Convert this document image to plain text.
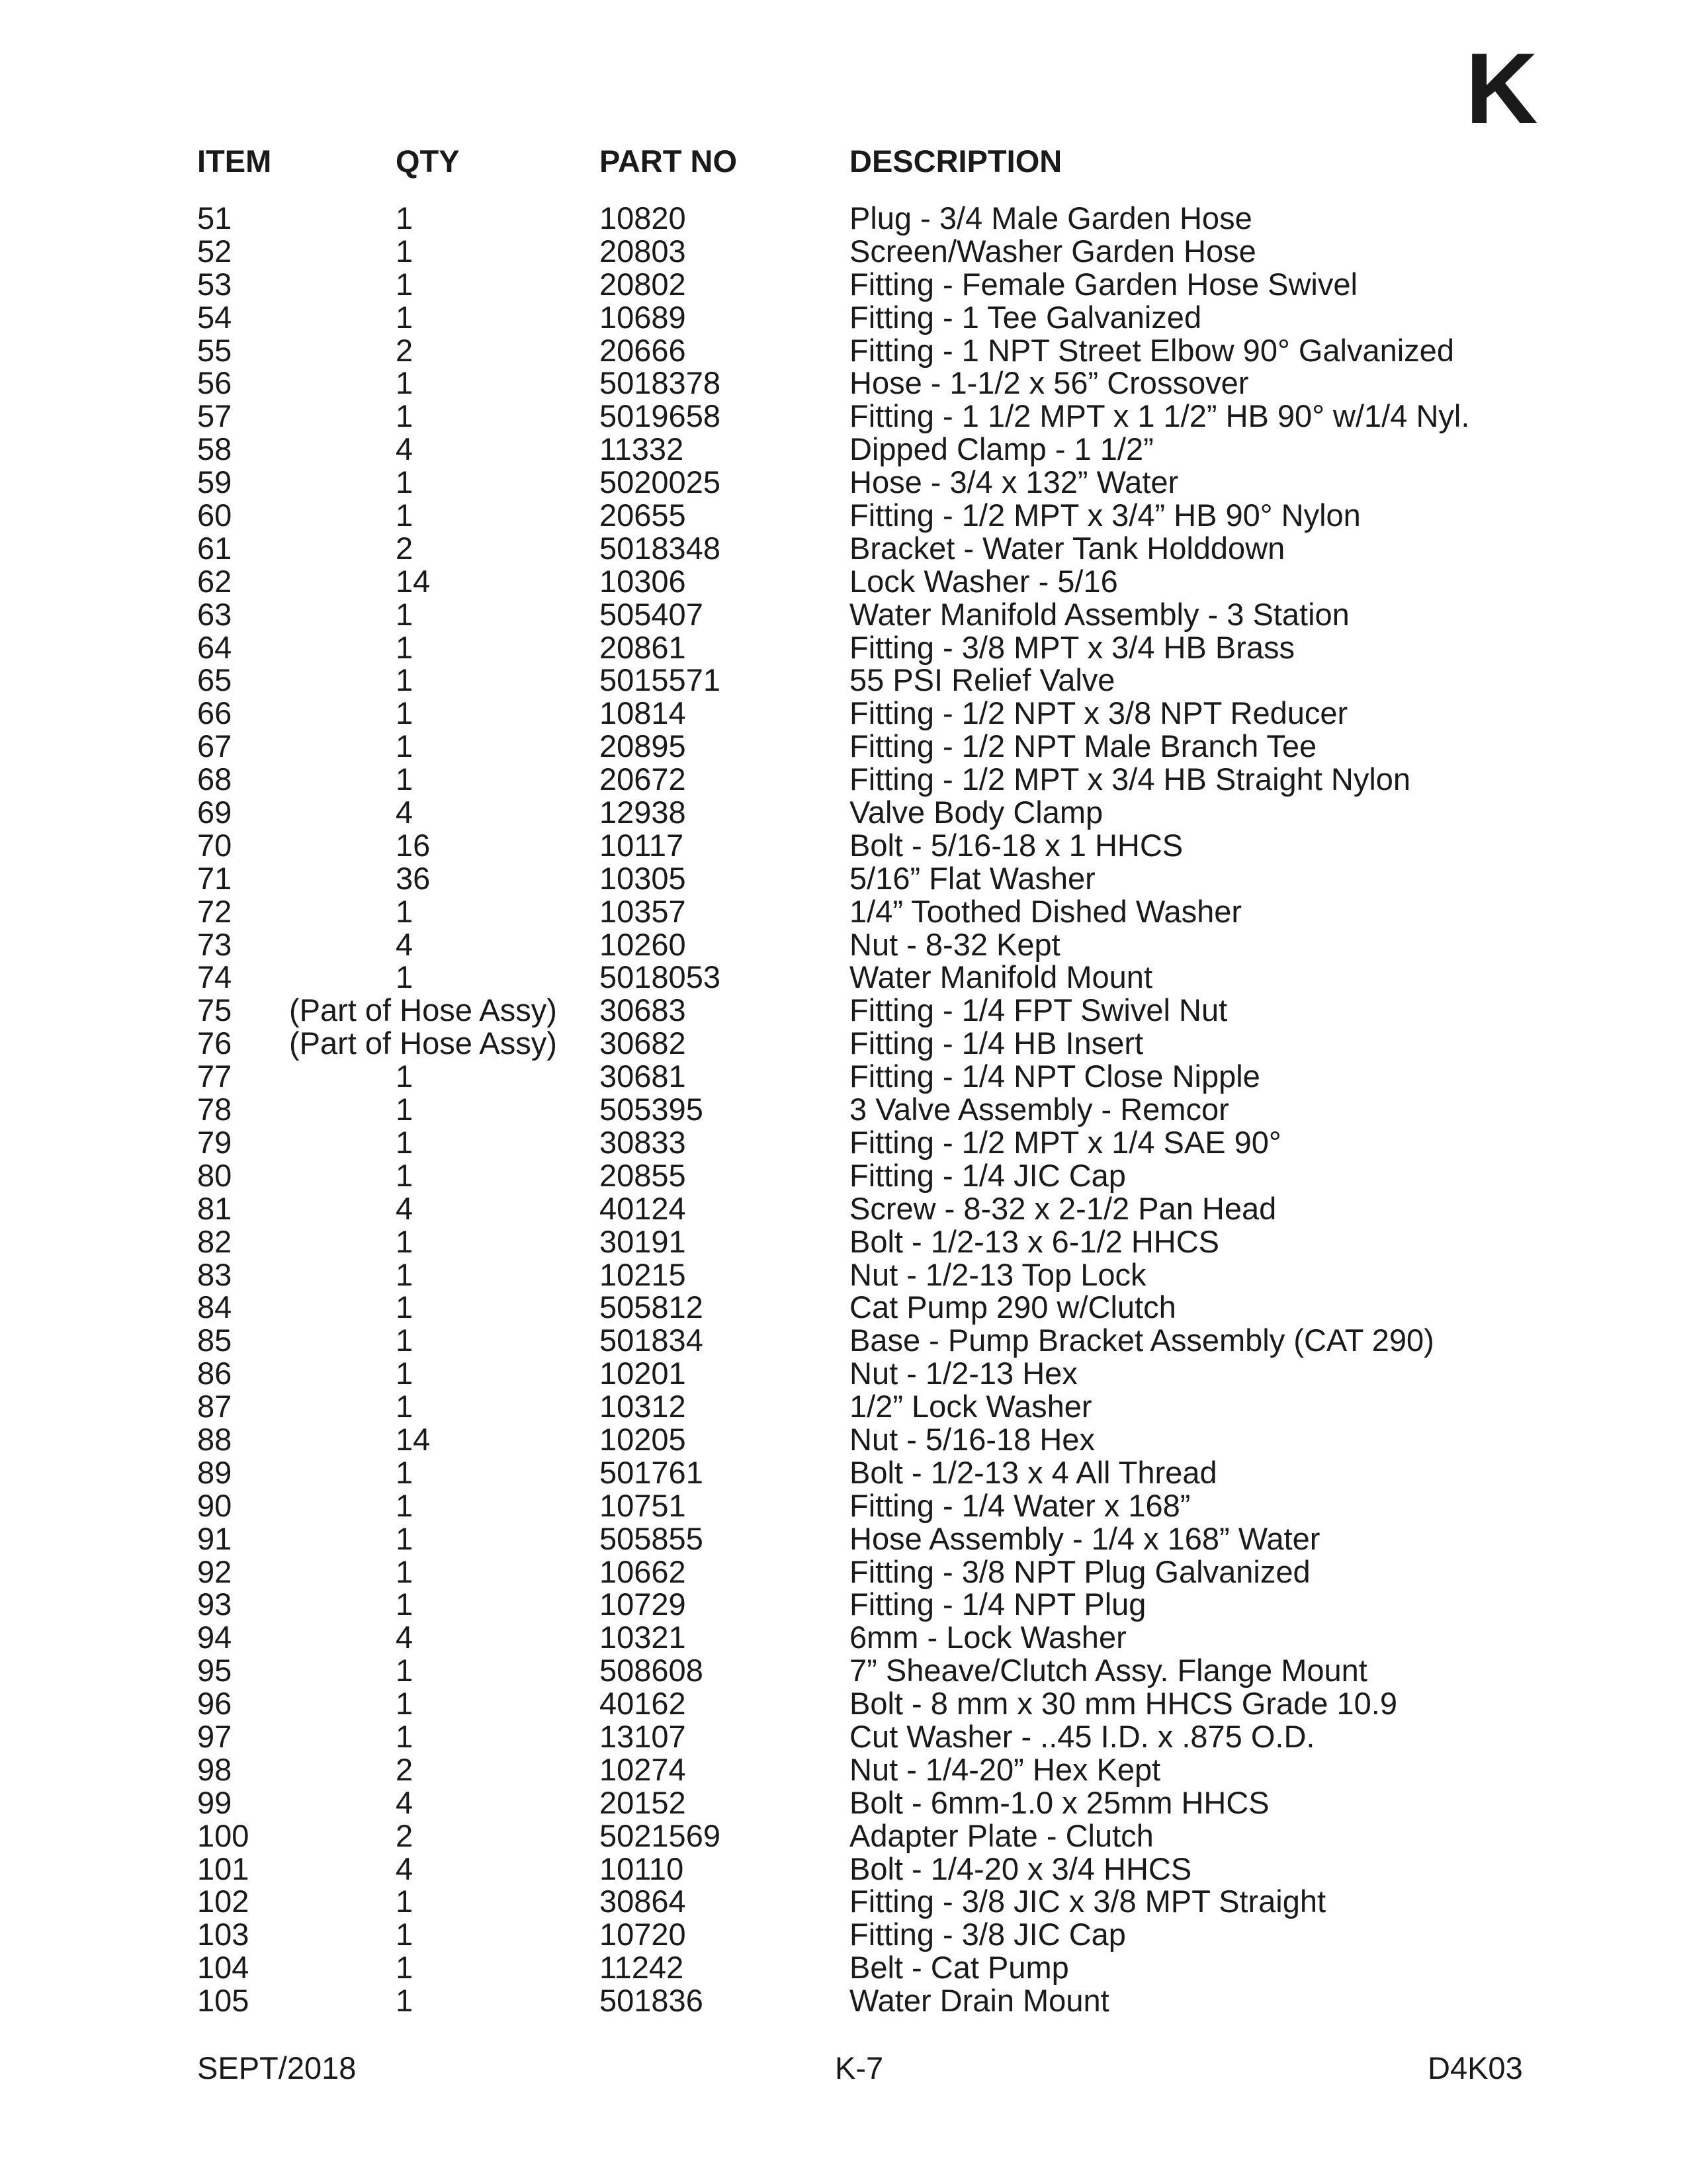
K
ITEM	QTY	PART NO	DESCRIPTION
51	1	10820	Plug - 3/4 Male Garden Hose
52	1	20803	Screen/Washer Garden Hose
53	1	20802	Fitting - Female Garden Hose Swivel
54	1	10689	Fitting - 1 Tee Galvanized
55	2	20666	Fitting - 1 NPT Street Elbow 90° Galvanized
56	1	5018378	Hose - 1-1/2 x 56” Crossover
57	1	5019658	Fitting - 1 1/2 MPT x 1 1/2” HB 90° w/1/4 Nyl.
58	4	11332	Dipped Clamp - 1 1/2”
59	1	5020025	Hose - 3/4 x 132” Water
60	1	20655	Fitting - 1/2 MPT x 3/4” HB 90° Nylon
61	2	5018348	Bracket - Water Tank Holddown
62	14	10306	Lock Washer - 5/16
63	1	505407	Water Manifold Assembly - 3 Station
64	1	20861	Fitting - 3/8 MPT x 3/4 HB Brass
65	1	5015571	55 PSI Relief Valve
66	1	10814	Fitting - 1/2 NPT x 3/8 NPT Reducer
67	1	20895	Fitting - 1/2 NPT Male Branch Tee
68	1	20672	Fitting - 1/2 MPT x 3/4 HB Straight Nylon
69	4	12938	Valve Body Clamp
70	16	10117	Bolt - 5/16-18 x 1 HHCS
71	36	10305	5/16” Flat Washer
72	1	10357	1/4” Toothed Dished Washer
73	4	10260	Nut - 8-32 Kept
74	1	5018053	Water Manifold Mount
75 (Part of Hose Assy) 30683	Fitting - 1/4 FPT Swivel Nut
76 (Part of Hose Assy) 30682	Fitting - 1/4 HB Insert
77	1	30681	Fitting - 1/4 NPT Close Nipple
78	1	505395	3 Valve Assembly - Remcor
79	1	30833	Fitting - 1/2 MPT x 1/4 SAE 90°
80	1	20855	Fitting - 1/4 JIC Cap
81	4	40124	Screw - 8-32 x 2-1/2 Pan Head
82	1	30191	Bolt - 1/2-13 x 6-1/2 HHCS
83	1	10215	Nut - 1/2-13 Top Lock
84	1	505812	Cat Pump 290 w/Clutch
85	1	501834	Base - Pump Bracket Assembly (CAT 290)
86	1	10201	Nut - 1/2-13 Hex
87	1	10312	1/2” Lock Washer
88	14	10205	Nut - 5/16-18 Hex
89	1	501761	Bolt - 1/2-13 x 4 All Thread
90	1	10751	Fitting - 1/4 Water x 168”
91	1	505855	Hose Assembly - 1/4 x 168” Water
92	1	10662	Fitting - 3/8 NPT Plug Galvanized
93	1	10729	Fitting - 1/4 NPT Plug
94	4	10321	6mm - Lock Washer
95	1	508608	7” Sheave/Clutch Assy. Flange Mount
96	1	40162	Bolt - 8 mm x 30 mm HHCS Grade 10.9
97	1	13107	Cut Washer - ..45 I.D. x .875 O.D.
98	2	10274	Nut - 1/4-20” Hex Kept
99	4	20152	Bolt - 6mm-1.0 x 25mm HHCS
100	2	5021569	Adapter Plate - Clutch
101	4	10110	Bolt - 1/4-20 x 3/4 HHCS
102	1	30864	Fitting - 3/8 JIC x 3/8 MPT Straight
103	1	10720	Fitting - 3/8 JIC Cap
104	1	11242	Belt - Cat Pump
105	1	501836	Water Drain Mount
SEPT/2018	K-7	D4K03
